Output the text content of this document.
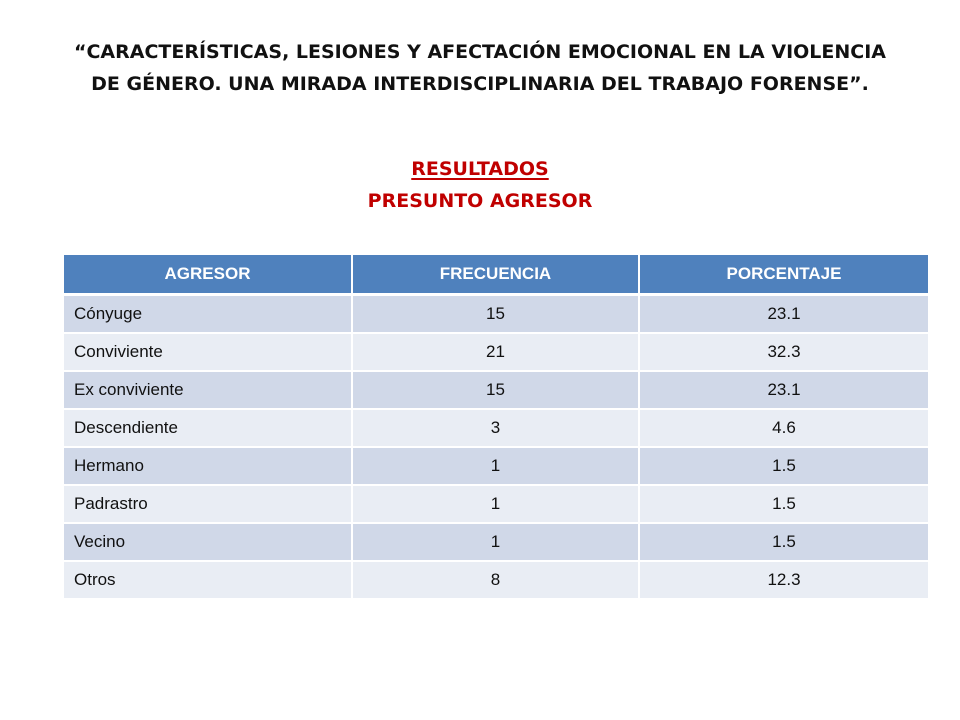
“CARACTERÍSTICAS, LESIONES Y AFECTACIÓN EMOCIONAL EN LA VIOLENCIA
DE GÉNERO. UNA MIRADA INTERDISCIPLINARIA DEL TRABAJO FORENSE”.
RESULTADOS
PRESUNTO AGRESOR
AGRESOR	FRECUENCIA	PORCENTAJE
Cónyuge	15	23.1
Conviviente	21	32.3
Ex conviviente	15	23.1
Descendiente	3	4.6
Hermano	1	1.5
Padrastro	1	1.5
Vecino	1	1.5
Otros	8	12.3
